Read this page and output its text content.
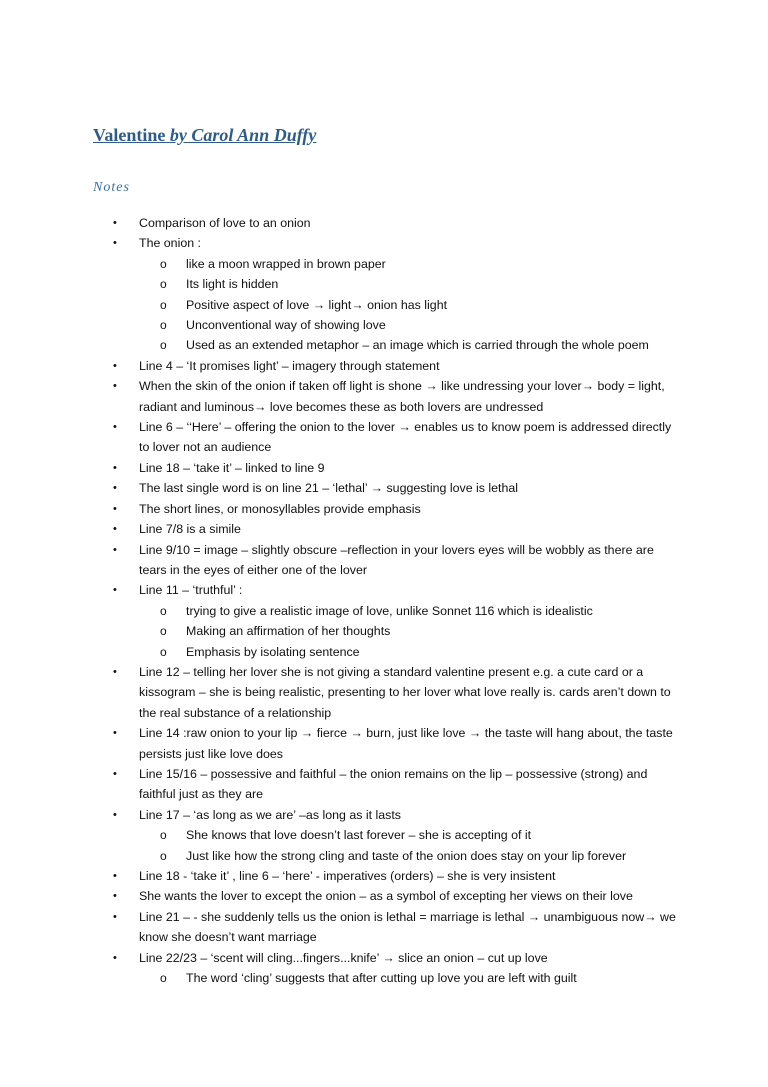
Valentine by Carol Ann Duffy
Notes
• Comparison of love to an onion
• The onion :
o like a moon wrapped in brown paper
o Its light is hidden
o Positive aspect of love → light→ onion has light
o Unconventional way of showing love
o Used as an extended metaphor – an image which is carried through the whole poem
• Line 4 – ‘It promises light’ – imagery through statement
• When the skin of the onion if taken off light is shone → like undressing your lover→ body = light, radiant and luminous→ love becomes these as both lovers are undressed
• Line 6 – ‘‘Here’ – offering the onion to the lover → enables us to know poem is addressed directly to lover not an audience
• Line 18 – ‘take it’ – linked to line 9
• The last single word is on line 21 – ‘lethal’ → suggesting love is lethal
• The short lines, or monosyllables provide emphasis
• Line 7/8 is a simile
• Line 9/10 = image – slightly obscure –reflection in your lovers eyes will be wobbly as there are tears in the eyes of either one of the lover
• Line 11 – ‘truthful’ :
o trying to give a realistic image of love, unlike Sonnet 116 which is idealistic
o Making an affirmation of her thoughts
o Emphasis by isolating sentence
• Line 12 – telling her lover she is not giving a standard valentine present e.g. a cute card or a kissogram – she is being realistic, presenting to her lover what love really is. cards aren’t down to the real substance of a relationship
• Line 14 :raw onion to your lip → fierce → burn, just like love → the taste will hang about, the taste persists just like love does
• Line 15/16 – possessive and faithful – the onion remains on the lip – possessive (strong) and faithful just as they are
• Line 17 – ‘as long as we are’ –as long as it lasts
o She knows that love doesn’t last forever – she is accepting of it
o Just like how the strong cling and taste of the onion does stay on your lip forever
• Line 18 - ‘take it’ , line 6 – ‘here’ - imperatives (orders) – she is very insistent
• She wants the lover to except the onion – as a symbol of excepting her views on their love
• Line 21 – - she suddenly tells us the onion is lethal = marriage is lethal → unambiguous now→ we know she doesn’t want marriage
• Line 22/23 – ‘scent will cling...fingers...knife’ → slice an onion – cut up love
o The word ‘cling’ suggests that after cutting up love you are left with guilt
